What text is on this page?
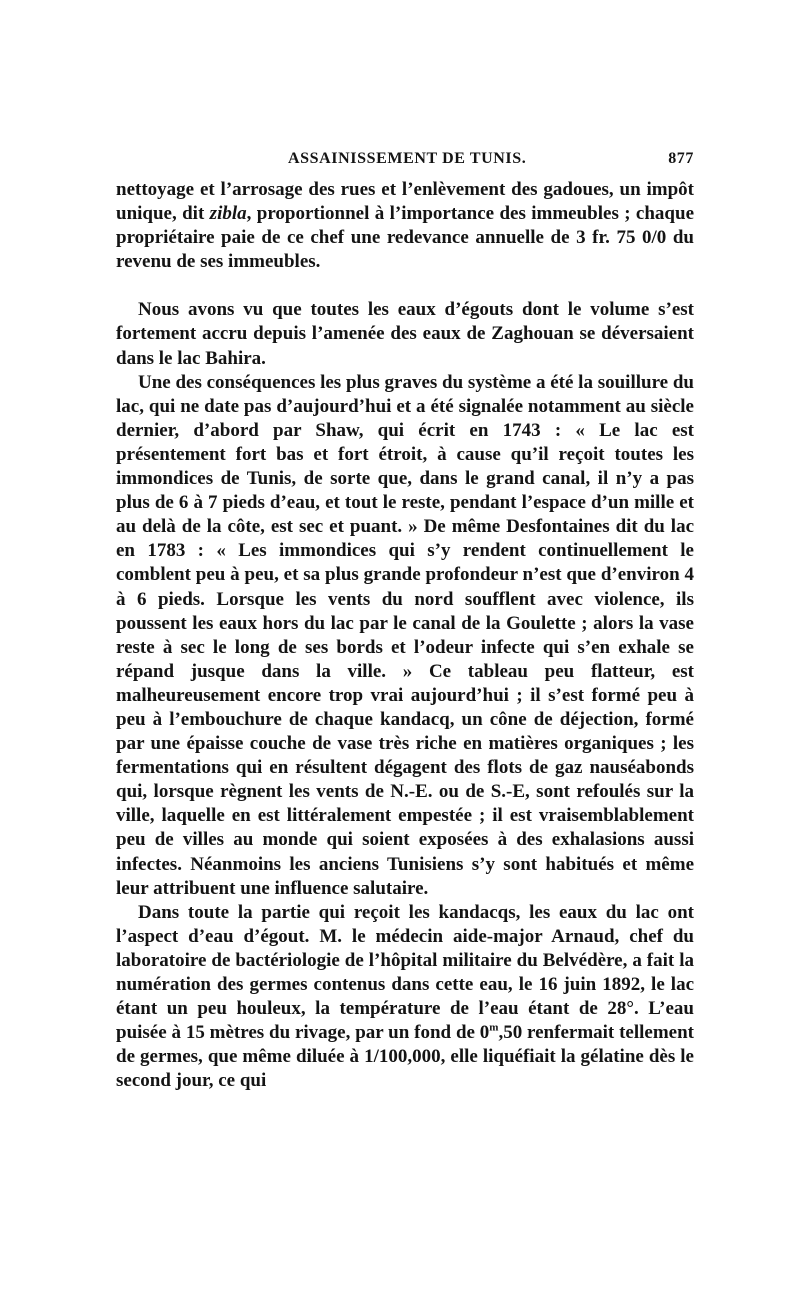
ASSAINISSEMENT DE TUNIS.	877

nettoyage et l’arrosage des rues et l’enlèvement des gadoues, un impôt unique, dit zibla, proportionnel à l’importance des immeubles ; chaque propriétaire paie de ce chef une redevance annuelle de 3 fr. 75 0/0 du revenu de ses immeubles.

Nous avons vu que toutes les eaux d’égouts dont le volume s’est fortement accru depuis l’amenée des eaux de Zaghouan se déversaient dans le lac Bahira.

Une des conséquences les plus graves du système a été la souillure du lac, qui ne date pas d’aujourd’hui et a été signalée notamment au siècle dernier, d’abord par Shaw, qui écrit en 1743 : « Le lac est présentement fort bas et fort étroit, à cause qu’il reçoit toutes les immondices de Tunis, de sorte que, dans le grand canal, il n’y a pas plus de 6 à 7 pieds d’eau, et tout le reste, pendant l’espace d’un mille et au delà de la côte, est sec et puant. » De même Desfontaines dit du lac en 1783 : « Les immondices qui s’y rendent continuellement le comblent peu à peu, et sa plus grande profondeur n’est que d’environ 4 à 6 pieds. Lorsque les vents du nord soufflent avec violence, ils poussent les eaux hors du lac par le canal de la Goulette ; alors la vase reste à sec le long de ses bords et l’odeur infecte qui s’en exhale se répand jusque dans la ville. » Ce tableau peu flatteur, est malheureusement encore trop vrai aujourd’hui ; il s’est formé peu à peu à l’embouchure de chaque kandacq, un cône de déjection, formé par une épaisse couche de vase très riche en matières organiques ; les fermentations qui en résultent dégagent des flots de gaz nauséabonds qui, lorsque règnent les vents de N.-E. ou de S.-E, sont refoulés sur la ville, laquelle en est littéralement empestée ; il est vraisemblablement peu de villes au monde qui soient exposées à des exhalasions aussi infectes. Néanmoins les anciens Tunisiens s’y sont habitués et même leur attribuent une influence salutaire.

Dans toute la partie qui reçoit les kandacqs, les eaux du lac ont l’aspect d’eau d’égout. M. le médecin aide-major Arnaud, chef du laboratoire de bactériologie de l’hôpital militaire du Belvédère, a fait la numération des germes contenus dans cette eau, le 16 juin 1892, le lac étant un peu houleux, la température de l’eau étant de 28°. L’eau puisée à 15 mètres du rivage, par un fond de 0$^m$,50 renfermait tellement de germes, que même diluée à 1/100,000, elle liquéfiait la gélatine dès le second jour, ce qui
